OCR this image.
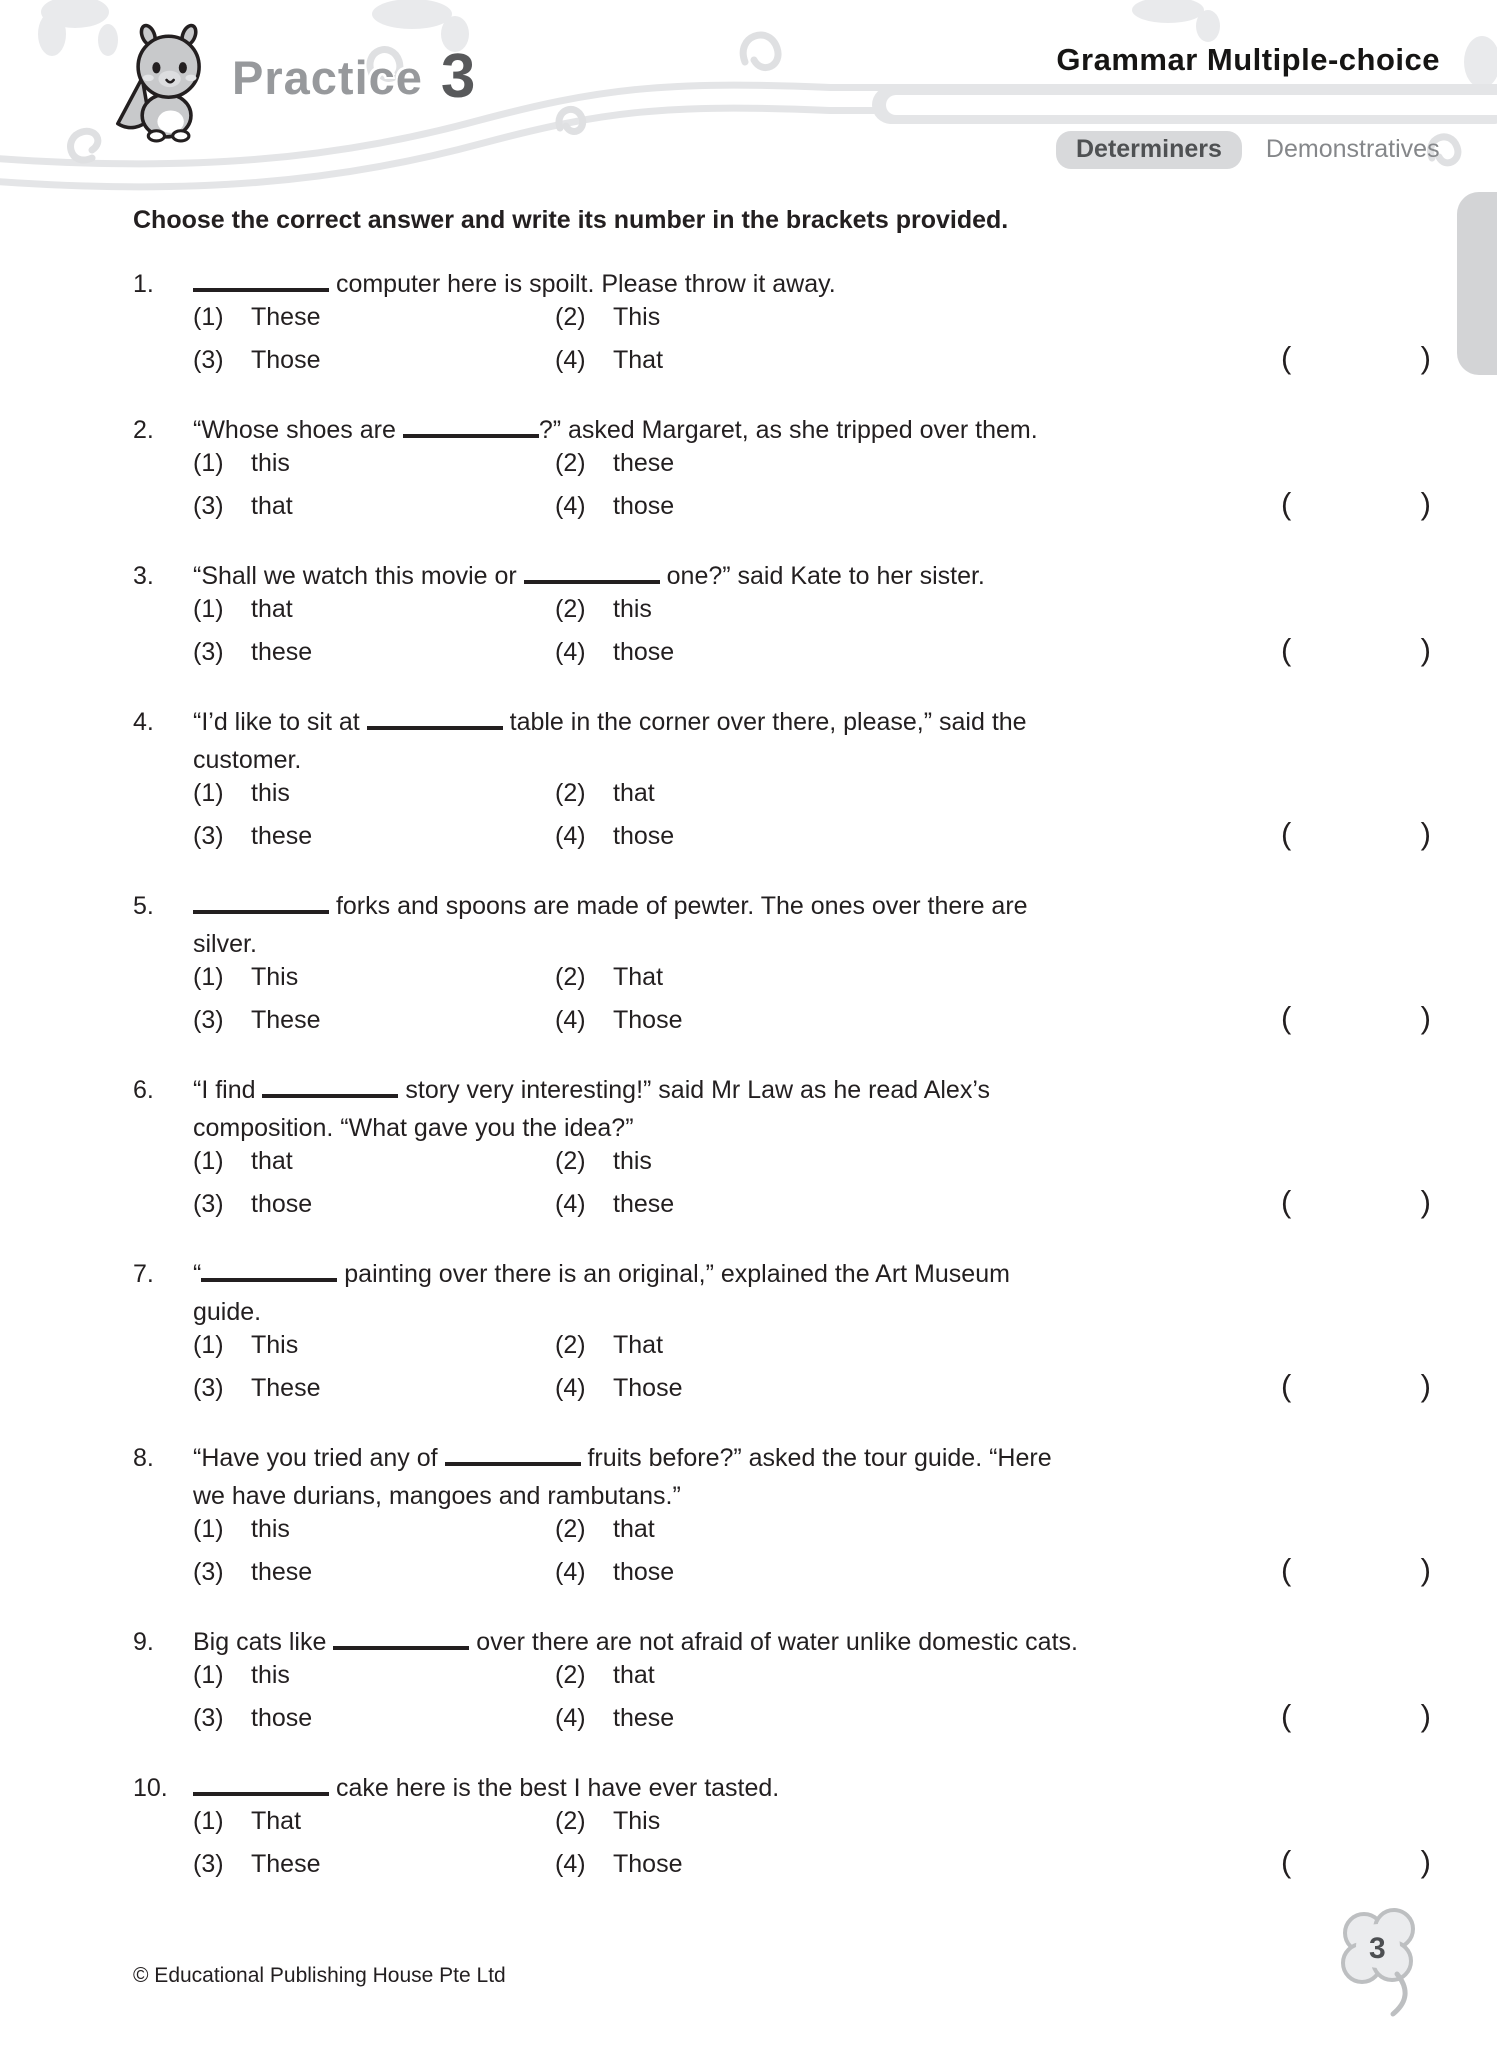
Practice 3	Grammar Multiple-choice
Determiners	Demonstratives
Choose the correct answer and write its number in the brackets provided.
1.	computer here is spoilt. Please throw it away.
(1)	These	(2)	This
(3)	Those	(4)	That	(	)
2.	“Whose shoes are	?” asked Margaret, as she tripped over them.
(1)	this	(2)	these
(3)	that	(4)	those	(	)
3.	“Shall we watch this movie or	one?” said Kate to her sister.
(1)	that	(2)	this
(3)	these	(4)	those	(	)
4.	“I’d like to sit at	table in the corner over there, please,” said the
customer.
(1)	this	(2)	that
(3)	these	(4)	those	(	)
5.	forks and spoons are made of pewter. The ones over there are
silver.
(1)	This	(2)	That
(3)	These	(4)	Those	(	)
6.	“I find	story very interesting!” said Mr Law as he read Alex’s
composition. “What gave you the idea?”
(1)	that	(2)	this
(3)	those	(4)	these	(	)
7.	“	painting over there is an original,” explained the Art Museum
guide.
(1)	This	(2)	That
(3)	These	(4)	Those	(	)
8.	“Have you tried any of	fruits before?” asked the tour guide. “Here
we have durians, mangoes and rambutans.”
(1)	this	(2)	that
(3)	these	(4)	those	(	)
9.	Big cats like	over there are not afraid of water unlike domestic cats.
(1)	this	(2)	that
(3)	those	(4)	these	(	)
10.	cake here is the best I have ever tasted.
(1)	That	(2)	This
(3)	These	(4)	Those	(	)
© Educational Publishing House Pte Ltd
3
